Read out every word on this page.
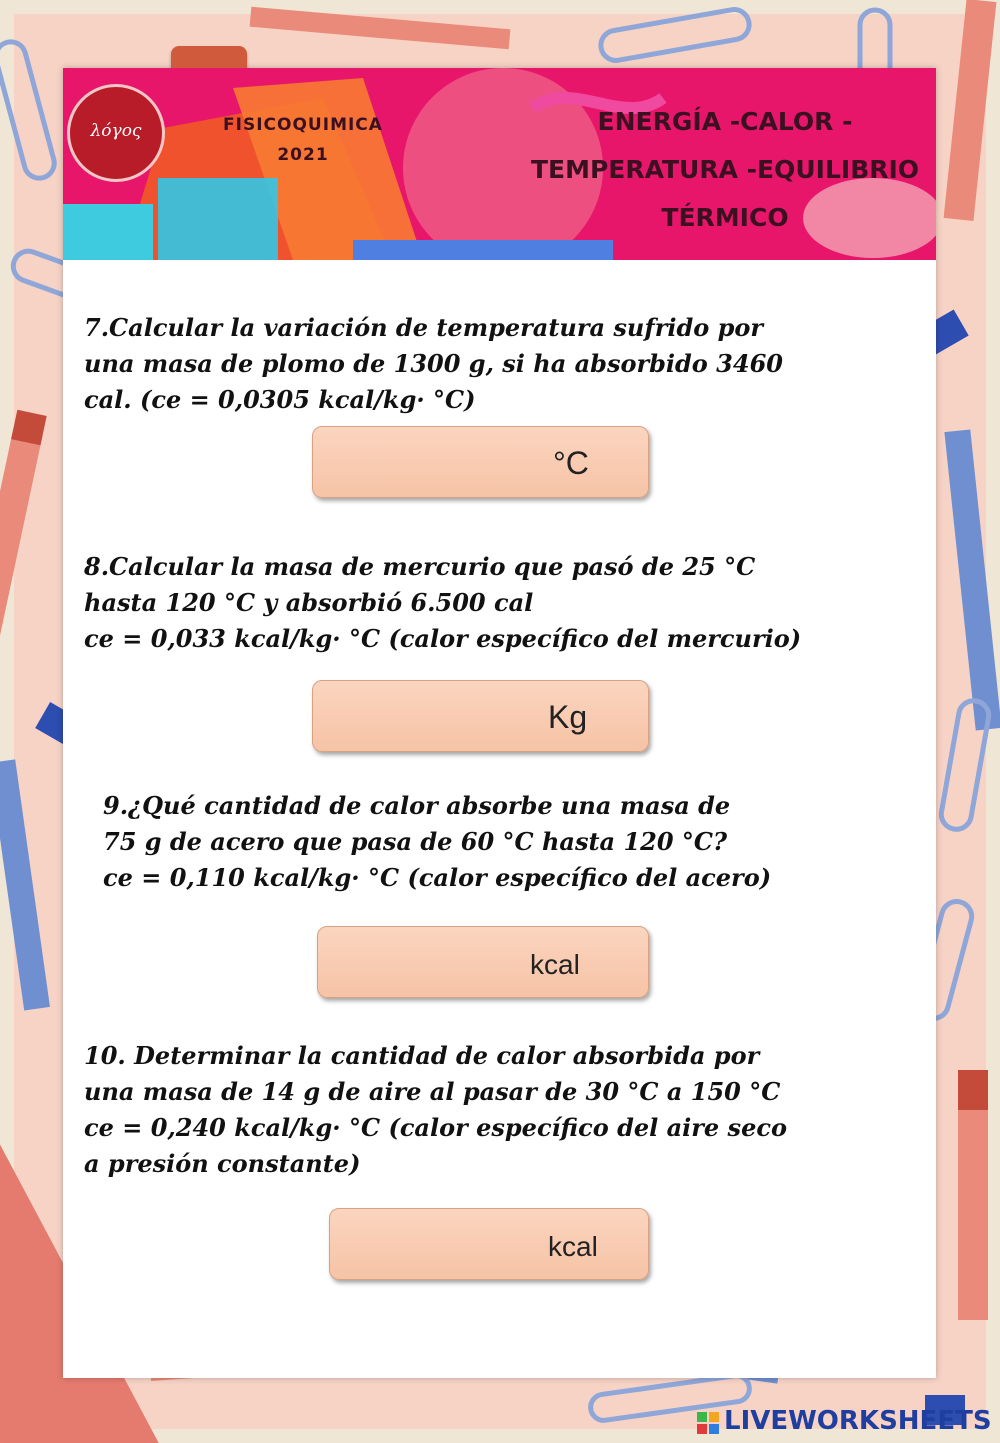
λόγος	FISICOQUIMICA
2021
ENERGÍA -CALOR -
TEMPERATURA -EQUILIBRIO
TÉRMICO
7.Calcular la variación de temperatura sufrido por
una masa de plomo de 1300 g, si ha absorbido 3460
cal. (ce = 0,0305 kcal/kg· °C)
°C
8.Calcular la masa de mercurio que pasó de 25 °C
hasta 120 °C y absorbió 6.500 cal
ce = 0,033 kcal/kg· °C (calor específico del mercurio)
Kg
9.¿Qué cantidad de calor absorbe una masa de
75 g de acero que pasa de 60 °C hasta 120 °C?
ce = 0,110 kcal/kg· °C (calor específico del acero)
kcal
10. Determinar la cantidad de calor absorbida por
una masa de 14 g de aire al pasar de 30 °C a 150 °C
ce = 0,240 kcal/kg· °C (calor específico del aire seco
a presión constante)
kcal
LIVEWORKSHEETS
